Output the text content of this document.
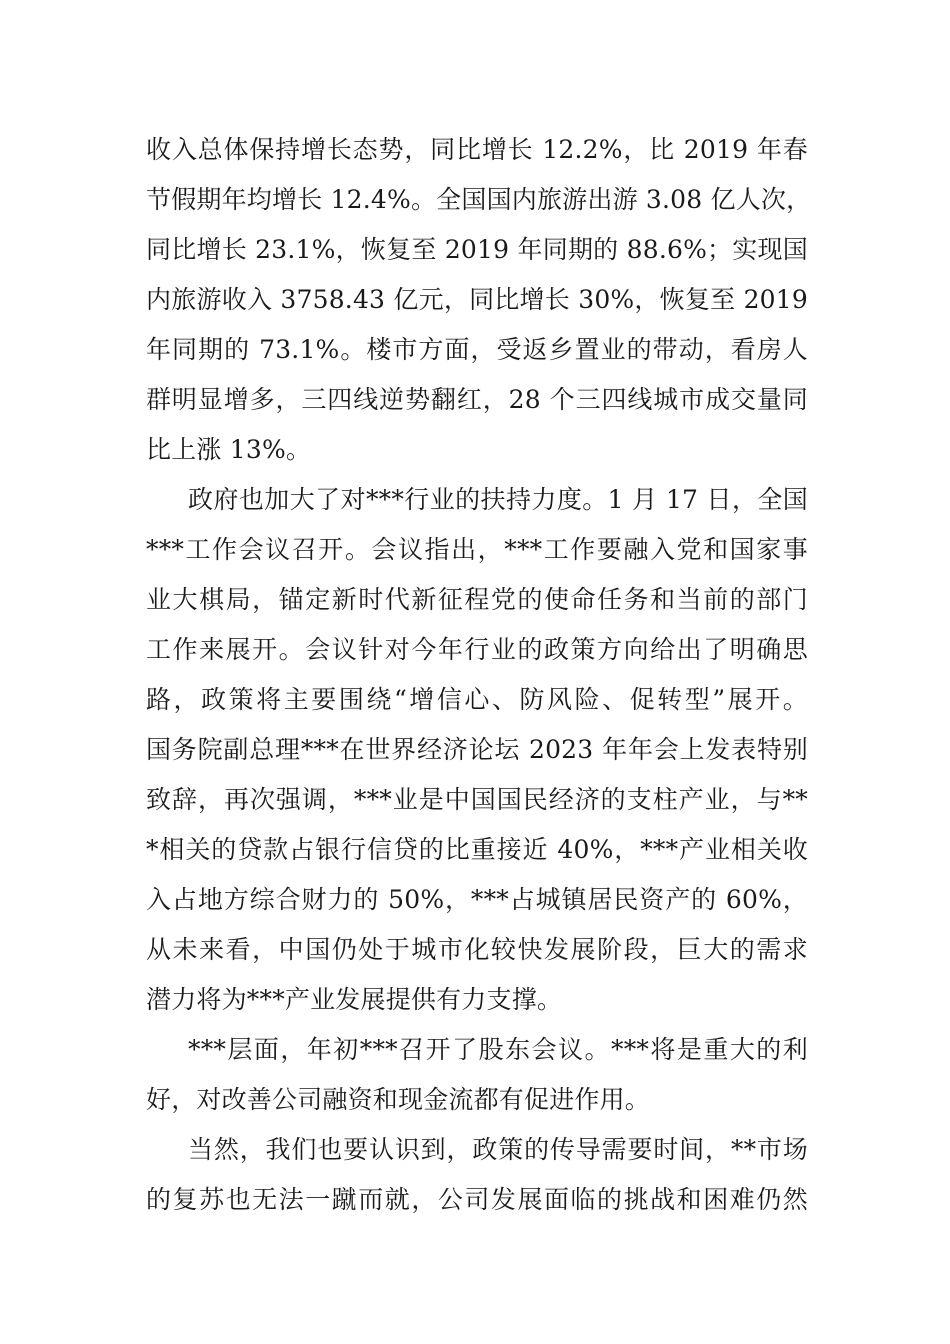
收入总体保持增长态势，同比增长 12.2%，比 2019 年春
节假期年均增长 12.4%。全国国内旅游出游 3.08 亿人次，
同比增长 23.1%，恢复至 2019 年同期的 88.6%；实现国
内旅游收入 3758.43 亿元，同比增长 30%，恢复至 2019
年同期的 73.1%。楼市方面，受返乡置业的带动，看房人
群明显增多，三四线逆势翻红，28 个三四线城市成交量同
比上涨 13%。
政府也加大了对***行业的扶持力度。1 月 17 日，全国
***工作会议召开。会议指出，***工作要融入党和国家事
业大棋局，锚定新时代新征程党的使命任务和当前的部门
工作来展开。会议针对今年行业的政策方向给出了明确思
路，政策将主要围绕“增信心、防风险、促转型”展开。
国务院副总理***在世界经济论坛 2023 年年会上发表特别
致辞，再次强调，***业是中国国民经济的支柱产业，与**
*相关的贷款占银行信贷的比重接近 40%，***产业相关收
入占地方综合财力的 50%，***占城镇居民资产的 60%，
从未来看，中国仍处于城市化较快发展阶段，巨大的需求
潜力将为***产业发展提供有力支撑。
***层面，年初***召开了股东会议。***将是重大的利
好，对改善公司融资和现金流都有促进作用。
当然，我们也要认识到，政策的传导需要时间，**市场
的复苏也无法一蹴而就，公司发展面临的挑战和困难仍然
